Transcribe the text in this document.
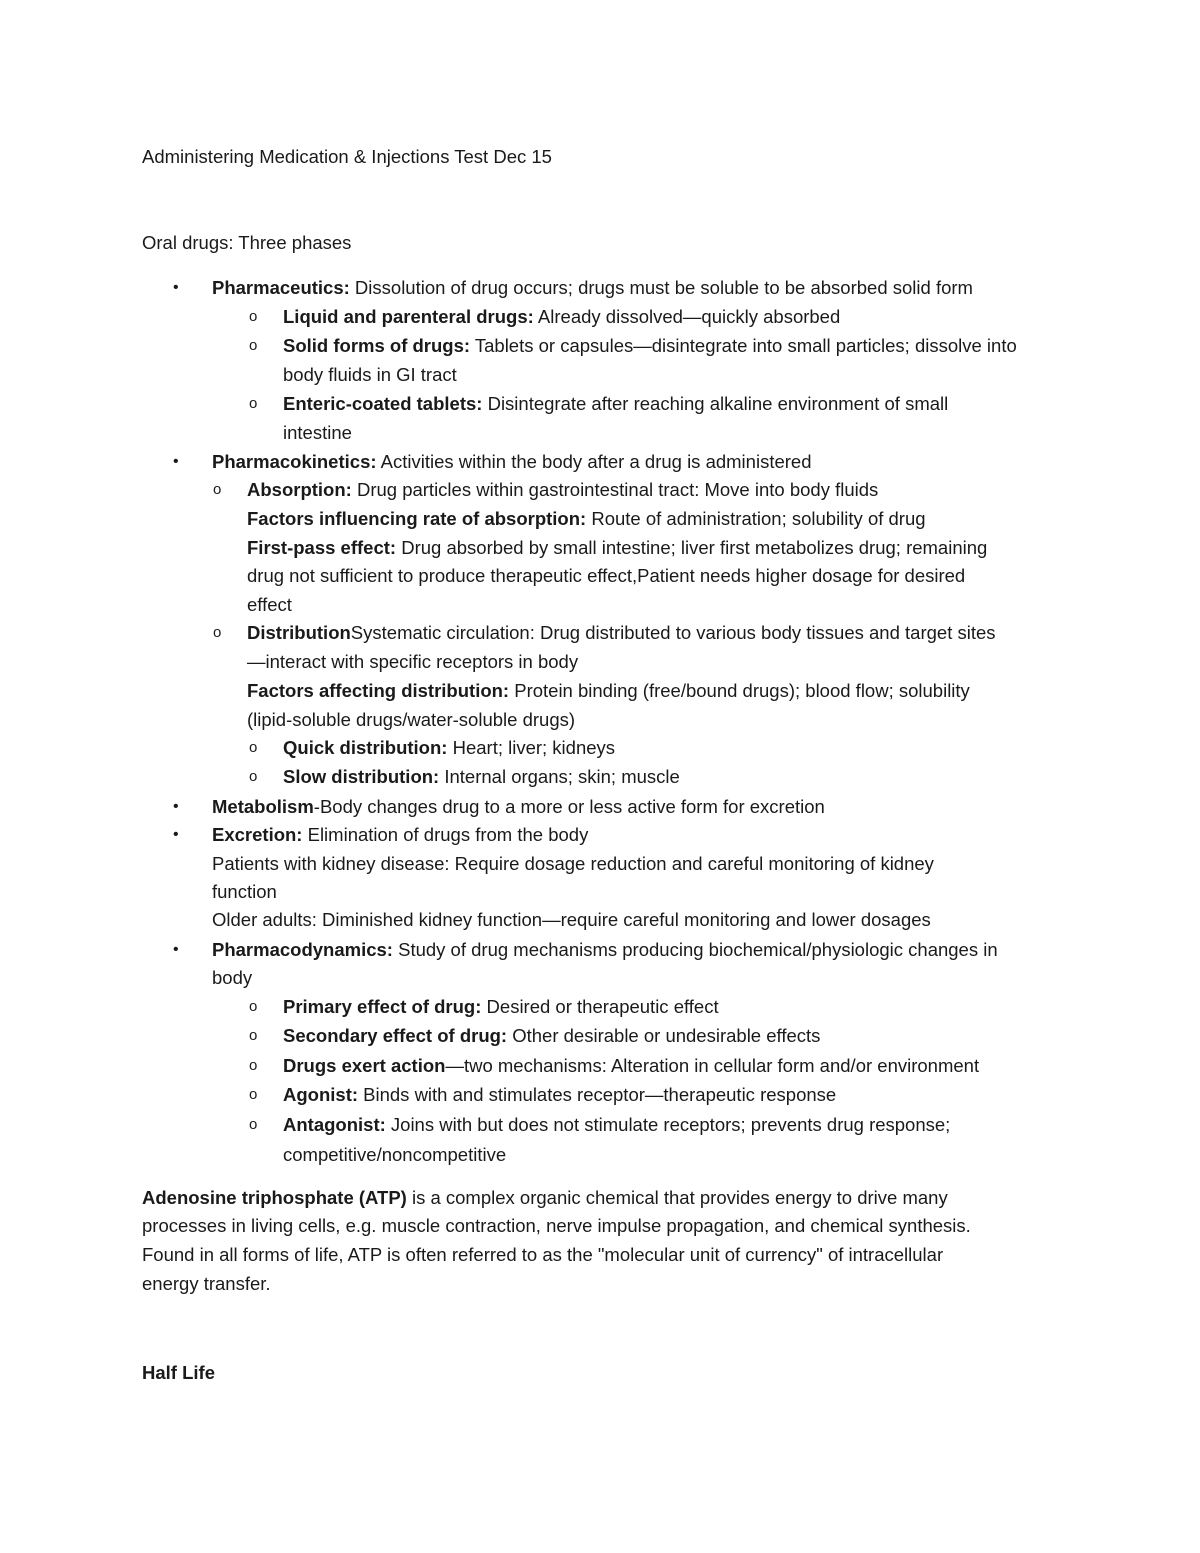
Administering Medication & Injections Test Dec 15
Oral drugs: Three phases
• Pharmaceutics: Dissolution of drug occurs; drugs must be soluble to be absorbed solid form
o Liquid and parenteral drugs: Already dissolved—quickly absorbed
o Solid forms of drugs: Tablets or capsules—disintegrate into small particles; dissolve into
body fluids in GI tract
o Enteric-coated tablets: Disintegrate after reaching alkaline environment of small
intestine
• Pharmacokinetics: Activities within the body after a drug is administered
o Absorption: Drug particles within gastrointestinal tract: Move into body fluids
Factors influencing rate of absorption: Route of administration; solubility of drug
First-pass effect: Drug absorbed by small intestine; liver first metabolizes drug; remaining
drug not sufficient to produce therapeutic effect,Patient needs higher dosage for desired
effect
o DistributionSystematic circulation: Drug distributed to various body tissues and target sites
—interact with specific receptors in body
Factors affecting distribution: Protein binding (free/bound drugs); blood flow; solubility
(lipid-soluble drugs/water-soluble drugs)
o Quick distribution: Heart; liver; kidneys
o Slow distribution: Internal organs; skin; muscle
• Metabolism-Body changes drug to a more or less active form for excretion
• Excretion: Elimination of drugs from the body
Patients with kidney disease: Require dosage reduction and careful monitoring of kidney
function
Older adults: Diminished kidney function—require careful monitoring and lower dosages
• Pharmacodynamics: Study of drug mechanisms producing biochemical/physiologic changes in
body
o Primary effect of drug: Desired or therapeutic effect
o Secondary effect of drug: Other desirable or undesirable effects
o Drugs exert action—two mechanisms: Alteration in cellular form and/or environment
o Agonist: Binds with and stimulates receptor—therapeutic response
o Antagonist: Joins with but does not stimulate receptors; prevents drug response;
competitive/noncompetitive
Adenosine triphosphate (ATP) is a complex organic chemical that provides energy to drive many
processes in living cells, e.g. muscle contraction, nerve impulse propagation, and chemical synthesis.
Found in all forms of life, ATP is often referred to as the "molecular unit of currency" of intracellular
energy transfer.
Half Life
